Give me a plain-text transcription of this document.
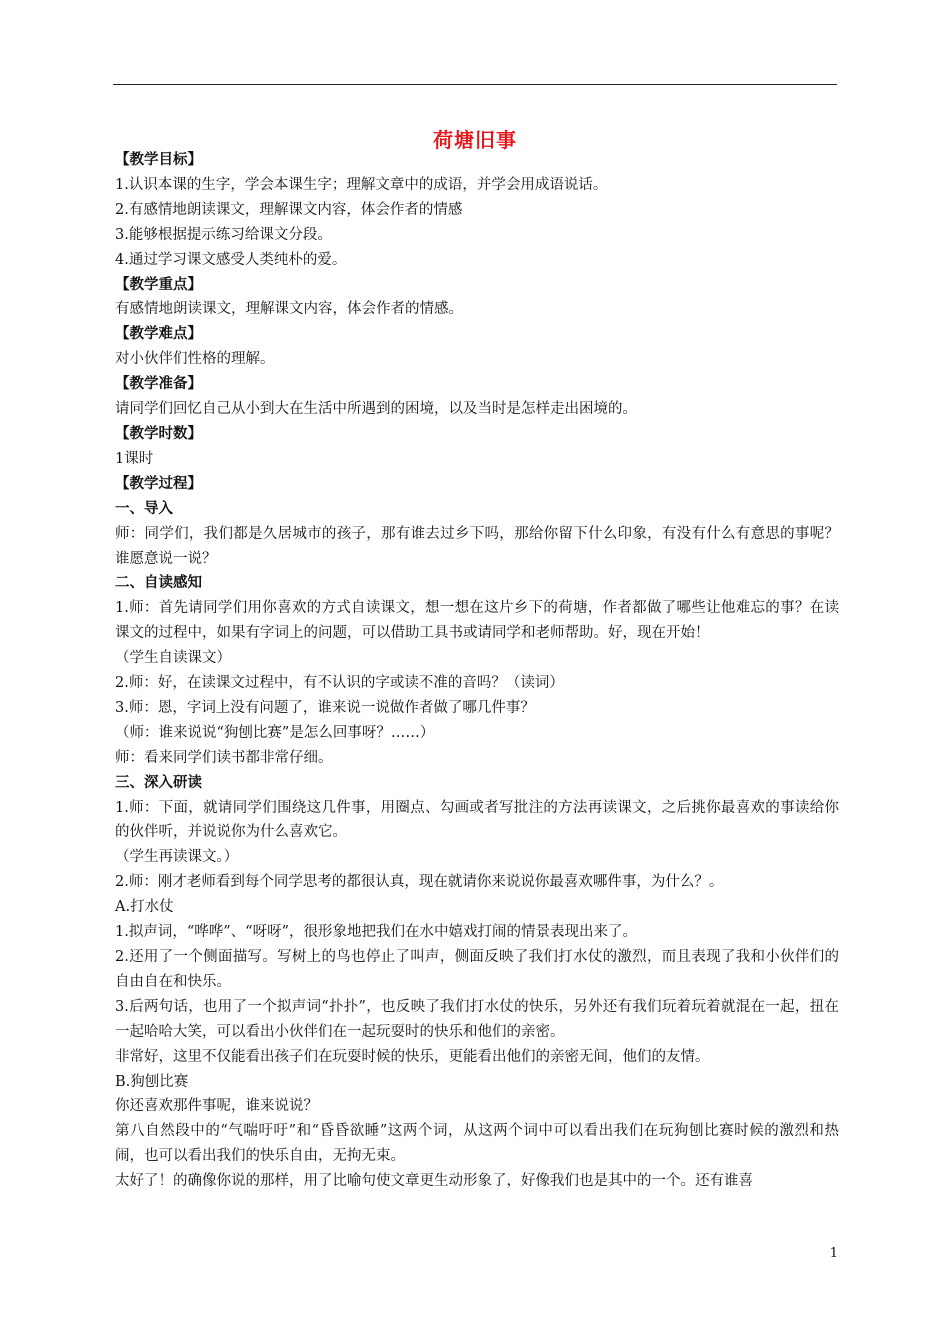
荷塘旧事

【教学目标】

1.认识本课的生字，学会本课生字；理解文章中的成语，并学会用成语说话。

2.有感情地朗读课文，理解课文内容，体会作者的情感

3.能够根据提示练习给课文分段。

4.通过学习课文感受人类纯朴的爱。

【教学重点】

有感情地朗读课文，理解课文内容，体会作者的情感。

【教学难点】

对小伙伴们性格的理解。

【教学准备】

请同学们回忆自己从小到大在生活中所遇到的困境，以及当时是怎样走出困境的。

【教学时数】

1课时

【教学过程】

一、导入

师：同学们，我们都是久居城市的孩子，那有谁去过乡下吗，那给你留下什么印象，有没有什么有意思的事呢？谁愿意说一说？

二、自读感知

1.师：首先请同学们用你喜欢的方式自读课文，想一想在这片乡下的荷塘，作者都做了哪些让他难忘的事？在读课文的过程中，如果有字词上的问题，可以借助工具书或请同学和老师帮助。好，现在开始！

（学生自读课文）

2.师：好，在读课文过程中，有不认识的字或读不准的音吗？（读词）

3.师：恩，字词上没有问题了，谁来说一说做作者做了哪几件事？

（师：谁来说说“狗刨比赛”是怎么回事呀？……）

师：看来同学们读书都非常仔细。

三、深入研读

1.师：下面，就请同学们围绕这几件事，用圈点、勾画或者写批注的方法再读课文，之后挑你最喜欢的事读给你的伙伴听，并说说你为什么喜欢它。

（学生再读课文。）

2.师：刚才老师看到每个同学思考的都很认真，现在就请你来说说你最喜欢哪件事，为什么？。

A.打水仗

1.拟声词，“哗哗”、“呀呀”，很形象地把我们在水中嬉戏打闹的情景表现出来了。

2.还用了一个侧面描写。写树上的鸟也停止了叫声，侧面反映了我们打水仗的激烈，而且表现了我和小伙伴们的自由自在和快乐。

3.后两句话，也用了一个拟声词“扑扑”，也反映了我们打水仗的快乐，另外还有我们玩着玩着就混在一起，扭在一起哈哈大笑，可以看出小伙伴们在一起玩耍时的快乐和他们的亲密。

非常好，这里不仅能看出孩子们在玩耍时候的快乐，更能看出他们的亲密无间，他们的友情。

B.狗刨比赛

你还喜欢那件事呢，谁来说说？

第八自然段中的“气喘吁吁”和“昏昏欲睡”这两个词，从这两个词中可以看出我们在玩狗刨比赛时候的激烈和热闹，也可以看出我们的快乐自由，无拘无束。

太好了！的确像你说的那样，用了比喻句使文章更生动形象了，好像我们也是其中的一个。还有谁喜

1
